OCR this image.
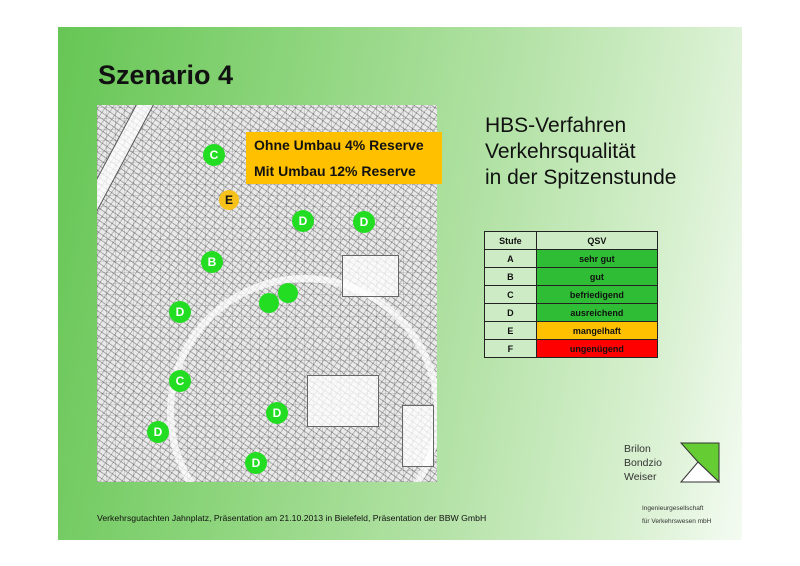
Szenario 4
C
E
D	D
B
D
C
D
D
D
Ohne Umbau 4% Reserve
Mit Umbau 12% Reserve
HBS-Verfahren
Verkehrsqualität
in der Spitzenstunde
Stufe	QSV
A	sehr gut
B	gut
C	befriedigend
D	ausreichend
E	mangelhaft
F	ungenügend
Brilon
Bondzio
Weiser
Ingenieurgesellschaft
für Verkehrswesen mbH
Verkehrsgutachten Jahnplatz, Präsentation am 21.10.2013 in Bielefeld, Präsentation der BBW GmbH
